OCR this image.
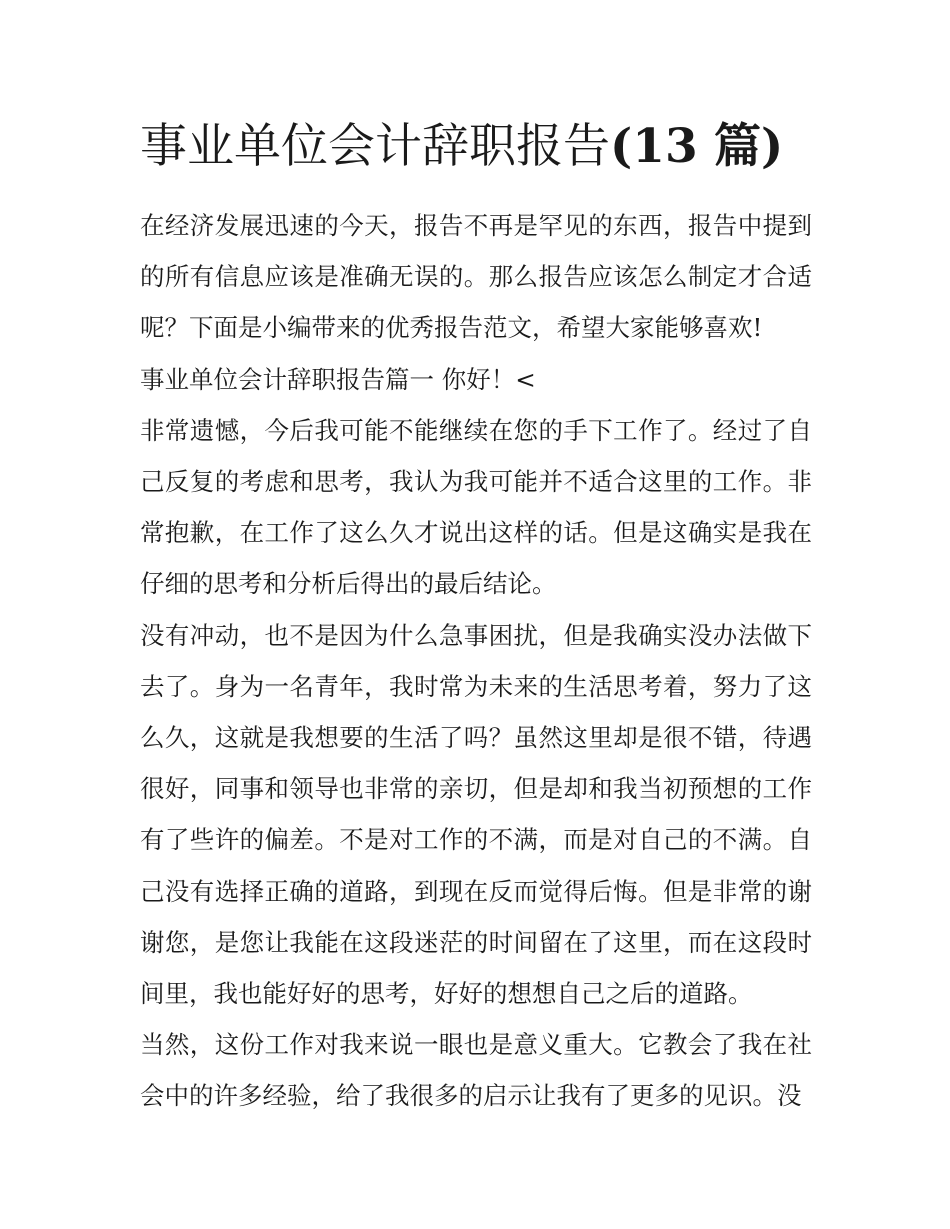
事业单位会计辞职报告(13 篇)

在经济发展迅速的今天，报告不再是罕见的东西，报告中提到的所有信息应该是准确无误的。那么报告应该怎么制定才合适呢？下面是小编带来的优秀报告范文，希望大家能够喜欢!

事业单位会计辞职报告篇一 你好！<

非常遗憾，今后我可能不能继续在您的手下工作了。经过了自己反复的考虑和思考，我认为我可能并不适合这里的工作。非常抱歉，在工作了这么久才说出这样的话。但是这确实是我在仔细的思考和分析后得出的最后结论。

没有冲动，也不是因为什么急事困扰，但是我确实没办法做下去了。身为一名青年，我时常为未来的生活思考着，努力了这么久，这就是我想要的生活了吗？虽然这里却是很不错，待遇很好，同事和领导也非常的亲切，但是却和我当初预想的工作有了些许的偏差。不是对工作的不满，而是对自己的不满。自己没有选择正确的道路，到现在反而觉得后悔。但是非常的谢谢您，是您让我能在这段迷茫的时间留在了这里，而在这段时间里，我也能好好的思考，好好的想想自己之后的道路。

当然，这份工作对我来说一眼也是意义重大。它教会了我在社会中的许多经验，给了我很多的启示让我有了更多的见识。没
